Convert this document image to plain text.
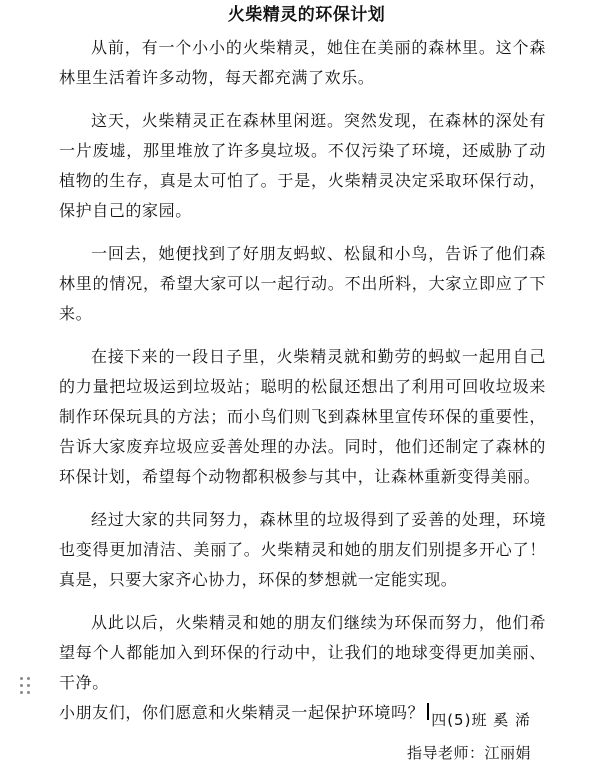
火柴精灵的环保计划

从前，有一个小小的火柴精灵，她住在美丽的森林里。这个森林里生活着许多动物，每天都充满了欢乐。

这天，火柴精灵正在森林里闲逛。突然发现，在森林的深处有一片废墟，那里堆放了许多臭垃圾。不仅污染了环境，还威胁了动植物的生存，真是太可怕了。于是，火柴精灵决定采取环保行动，保护自己的家园。

一回去，她便找到了好朋友蚂蚁、松鼠和小鸟，告诉了他们森林里的情况，希望大家可以一起行动。不出所料，大家立即应了下来。

在接下来的一段日子里，火柴精灵就和勤劳的蚂蚁一起用自己的力量把垃圾运到垃圾站；聪明的松鼠还想出了利用可回收垃圾来制作环保玩具的方法；而小鸟们则飞到森林里宣传环保的重要性，告诉大家废弃垃圾应妥善处理的办法。同时，他们还制定了森林的环保计划，希望每个动物都积极参与其中，让森林重新变得美丽。

经过大家的共同努力，森林里的垃圾得到了妥善的处理，环境也变得更加清洁、美丽了。火柴精灵和她的朋友们别提多开心了！真是，只要大家齐心协力，环保的梦想就一定能实现。

从此以后，火柴精灵和她的朋友们继续为环保而努力，他们希望每个人都能加入到环保的行动中，让我们的地球变得更加美丽、干净。

小朋友们，你们愿意和火柴精灵一起保护环境吗？ 四(5)班 奚 浠
指导老师：江丽娟
